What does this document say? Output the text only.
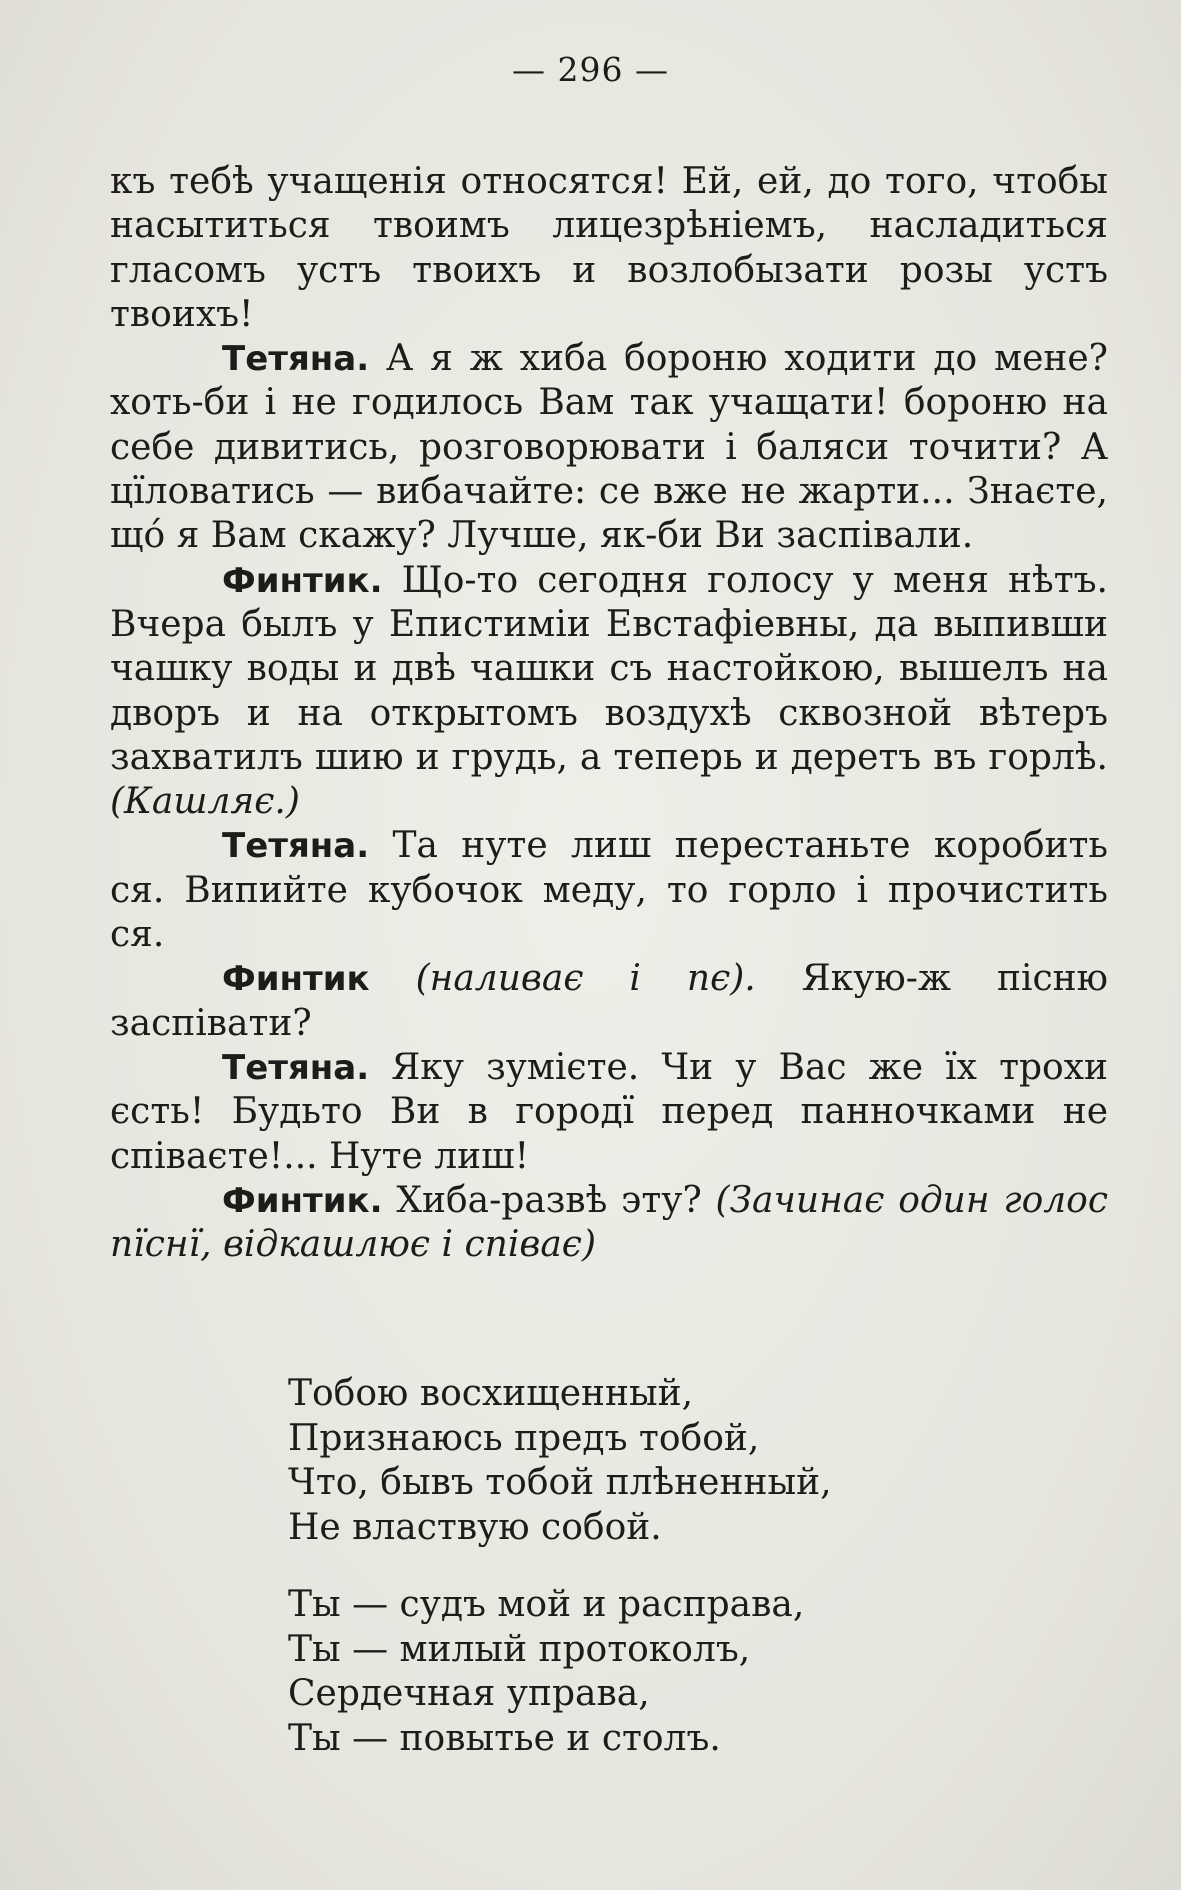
— 296 —

къ тебѣ учащенія относятся! Ей, ей, до того, чтобы насытиться твоимъ лицезрѣніемъ, насладиться гласомъ устъ твоихъ и возлобызати розы устъ твоихъ!

Тетяна. А я ж хиба бороню ходити до мене? хоть-би і не годилось Вам так учащати! бороню на себе дивитись, розговорювати і баляси точити? А цїловатись — вибачайте: се вже не жарти... Знаєте, щó я Вам скажу? Лучше, як-би Ви заспівали.

Финтик. Що-то сегодня голосу у меня нѣтъ. Вчера былъ у Епистиміи Евстафіевны, да выпивши чашку воды и двѣ чашки съ настойкою, вышелъ на дворъ и на открытомъ воздухѣ сквозной вѣтеръ захватилъ шию и грудь, а теперь и деретъ въ горлѣ. (Кашляє.)

Тетяна. Та нуте лиш перестаньте коробить ся. Випийте кубочок меду, то горло і прочистить ся.

Финтик (наливає і пє). Якую-ж пісню заспівати?

Тетяна. Яку зумієте. Чи у Вас же їх трохи єсть! Будьто Ви в городї перед панночками не співаєте!... Нуте лиш!

Финтик. Хиба-развѣ эту? (Зачинає один голос пїснї, відкашлює і співає)

Тобою восхищенный,
Признаюсь предъ тобой,
Что, бывъ тобой плѣненный,
Не властвую собой.
Ты — судъ мой и расправа,
Ты — милый протоколъ,
Сердечная управа,
Ты — повытье и столъ.
